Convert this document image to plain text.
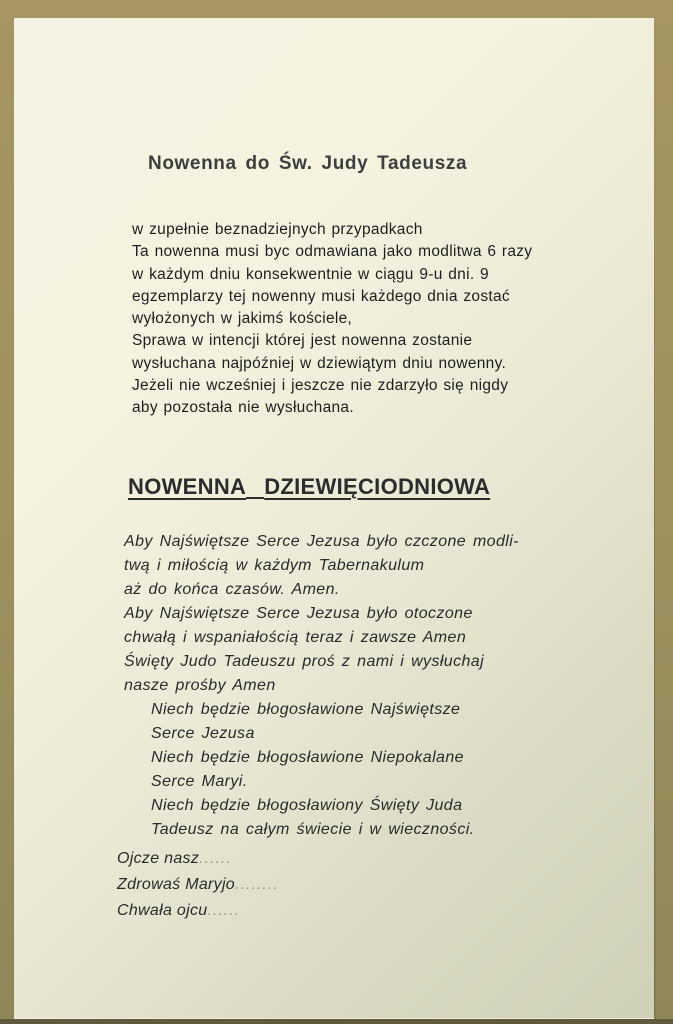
Nowenna do Św. Judy Tadeusza
w zupełnie beznadziejnych przypadkach
Ta nowenna musi byc odmawiana jako modlitwa 6 razy
w każdym dniu konsekwentnie w ciągu 9-u dni. 9
egzemplarzy tej nowenny musi każdego dnia zostać
wyłożonych w jakimś kościele,
Sprawa w intencji której jest nowenna zostanie
wysłuchana najpóźniej w dziewiątym dniu nowenny.
Jeżeli nie wcześniej i jeszcze nie zdarzyło się nigdy
aby pozostała nie wysłuchana.
NOWENNA DZIEWIĘCIODNIOWA
Aby Najświętsze Serce Jezusa było czczone modli-
twą i miłością w każdym Tabernakulum
aż do końca czasów. Amen.
Aby Najświętsze Serce Jezusa było otoczone
chwałą i wspaniałością teraz i zawsze Amen
Święty Judo Tadeuszu proś z nami i wysłuchaj
nasze prośby Amen
Niech będzie błogosławione Najświętsze
Serce Jezusa
Niech będzie błogosławione Niepokalane
Serce Maryi.
Niech będzie błogosławiony Święty Juda
Tadeusz na całym świecie i w wieczności.
Ojcze nasz......
Zdrowaś Maryjo........
Chwała ojcu......
